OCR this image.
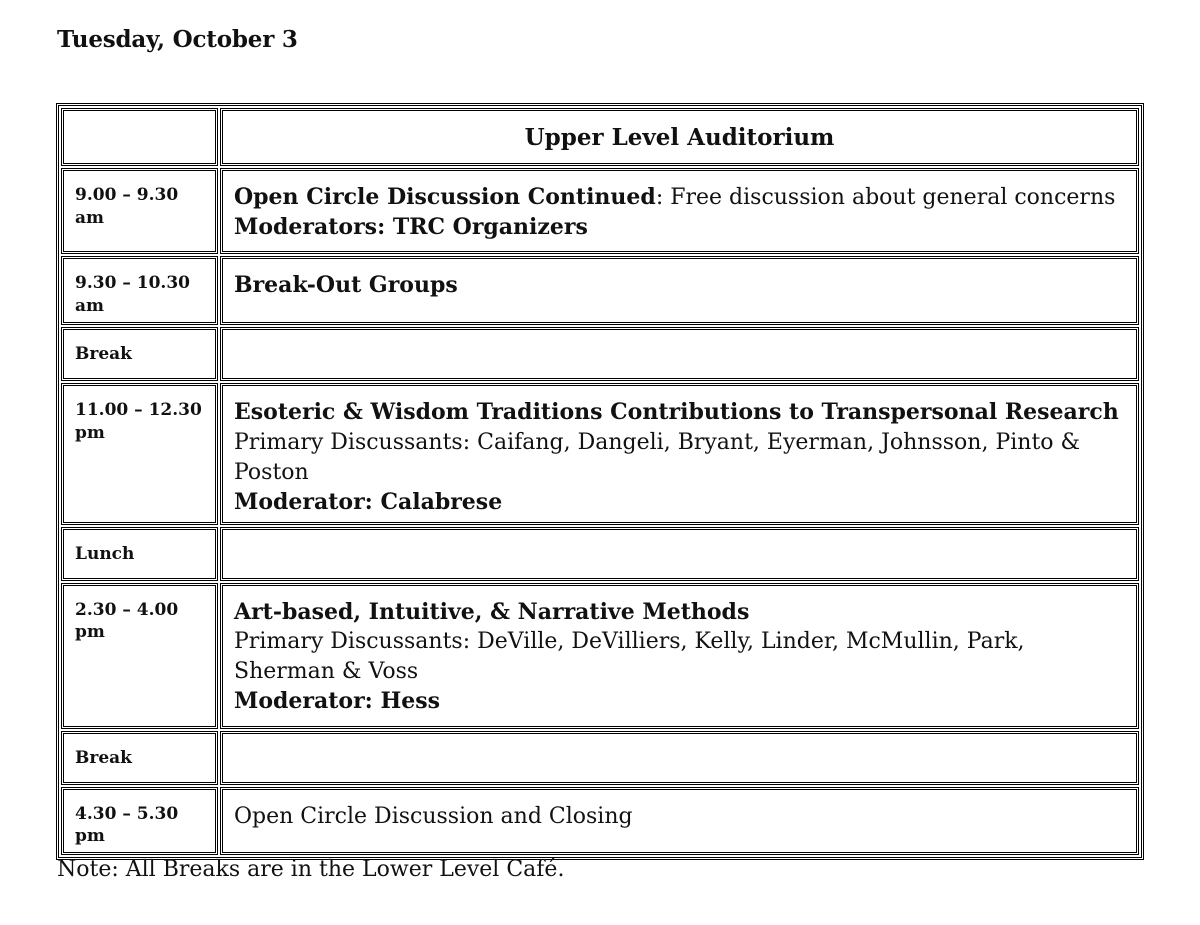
Tuesday, October 3
	Upper Level Auditorium
9.00 – 9.30 am	Open Circle Discussion Continued: Free discussion about general concerns
Moderators: TRC Organizers

9.30 – 10.30 am	Break-Out Groups

Break	
11.00 – 12.30 pm	Esoteric & Wisdom Traditions Contributions to Transpersonal Research
Primary Discussants: Caifang, Dangeli, Bryant, Eyerman, Johnsson, Pinto & Poston
Moderator: Calabrese

Lunch	
2.30 – 4.00 pm	Art-based, Intuitive, & Narrative Methods
Primary Discussants: DeVille, DeVilliers, Kelly, Linder, McMullin, Park, Sherman & Voss
Moderator: Hess

Break	
4.30 – 5.30 pm	Open Circle Discussion and Closing
Note: All Breaks are in the Lower Level Café.
